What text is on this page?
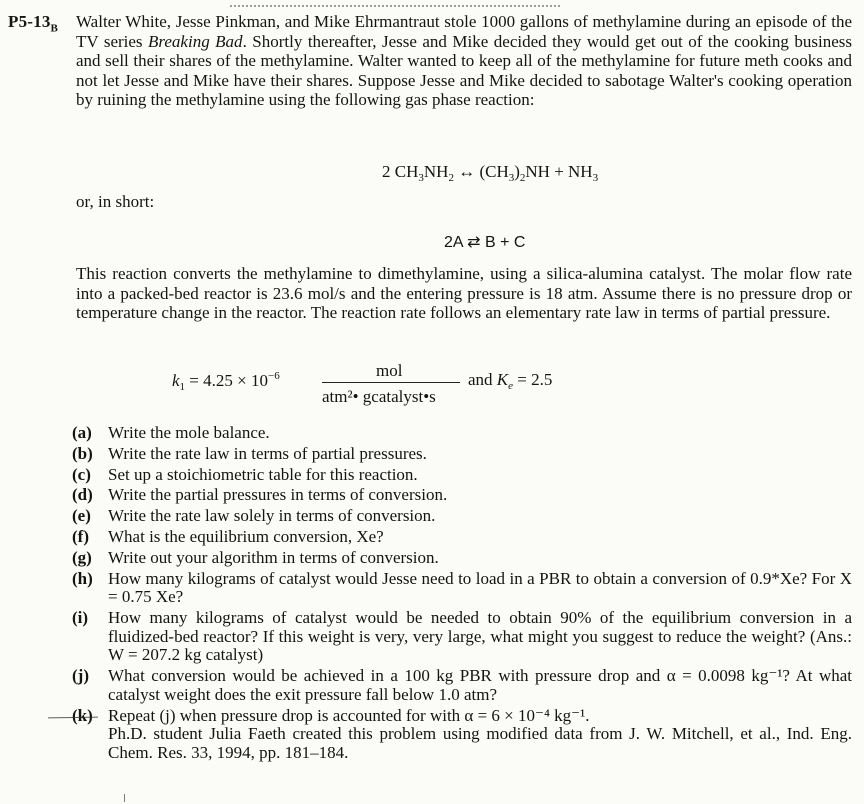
$P5-13_B$ Walter White, Jesse Pinkman, and Mike Ehrmantraut stole 1000 gallons of methylamine during an episode of the TV series Breaking Bad. Shortly thereafter, Jesse and Mike decided they would get out of the cooking business and sell their shares of the methylamine. Walter wanted to keep all of the methylamine for future meth cooks and not let Jesse and Mike have their shares. Suppose Jesse and Mike decided to sabotage Walter's cooking operation by ruining the methylamine using the following gas phase reaction:

2 $CH_3NH_2$ ↔ $(CH_3)_2NH + NH_3$
or, in short:
2A ⇄ B + C

This reaction converts the methylamine to dimethylamine, using a silica-alumina catalyst. The molar flow rate into a packed-bed reactor is 23.6 mol/s and the entering pressure is 18 atm. Assume there is no pressure drop or temperature change in the reactor. The reaction rate follows an elementary rate law in terms of partial pressure.

$k_1 = 4.25 \times 10^{-6}$	mol
atm²• gcatalyst•s
and $K_e = 2.5$
(a) Write the mole balance.
(b) Write the rate law in terms of partial pressures.
(c) Set up a stoichiometric table for this reaction.
(d) Write the partial pressures in terms of conversion.
(e) Write the rate law solely in terms of conversion.
(f) What is the equilibrium conversion, Xe?
(g) Write out your algorithm in terms of conversion.
(h) How many kilograms of catalyst would Jesse need to load in a PBR to obtain a conversion of 0.9*Xe? For X = 0.75 Xe?
(i) How many kilograms of catalyst would be needed to obtain 90% of the equilibrium conversion in a fluidized-bed reactor? If this weight is very, very large, what might you suggest to reduce the weight? (Ans.: W = 207.2 kg catalyst)
(j) What conversion would be achieved in a 100 kg PBR with pressure drop and α = 0.0098 kg⁻¹? At what catalyst weight does the exit pressure fall below 1.0 atm?
(k) Repeat (j) when pressure drop is accounted for with α = 6 × 10⁻⁴ kg⁻¹.
Ph.D. student Julia Faeth created this problem using modified data from J. W. Mitchell, et al., Ind. Eng. Chem. Res. 33, 1994, pp. 181–184.
